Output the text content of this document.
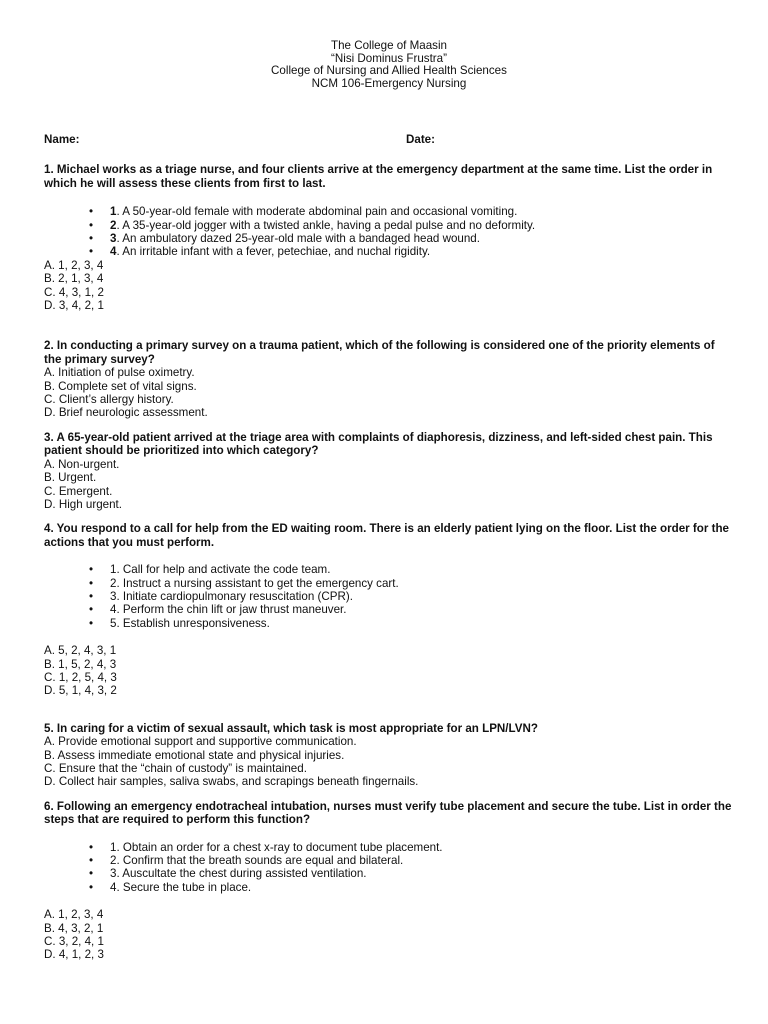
The College of Maasin
“Nisi Dominus Frustra”
College of Nursing and Allied Health Sciences
NCM 106-Emergency Nursing
Name:	Date:

1. Michael works as a triage nurse, and four clients arrive at the emergency department at the same time. List the order in which he will assess these clients from first to last.

• 1. A 50-year-old female with moderate abdominal pain and occasional vomiting.
• 2. A 35-year-old jogger with a twisted ankle, having a pedal pulse and no deformity.
• 3. An ambulatory dazed 25-year-old male with a bandaged head wound.
• 4. An irritable infant with a fever, petechiae, and nuchal rigidity.

A. 1, 2, 3, 4

B. 2, 1, 3, 4

C. 4, 3, 1, 2

D. 3, 4, 2, 1

2. In conducting a primary survey on a trauma patient, which of the following is considered one of the priority elements of the primary survey?

A. Initiation of pulse oximetry.

B. Complete set of vital signs.

C. Client’s allergy history.

D. Brief neurologic assessment.

3. A 65-year-old patient arrived at the triage area with complaints of diaphoresis, dizziness, and left-sided chest pain. This patient should be prioritized into which category?

A. Non-urgent.

B. Urgent.

C. Emergent.

D. High urgent.

4. You respond to a call for help from the ED waiting room. There is an elderly patient lying on the floor. List the order for the actions that you must perform.

• 1. Call for help and activate the code team.
• 2. Instruct a nursing assistant to get the emergency cart.
• 3. Initiate cardiopulmonary resuscitation (CPR).
• 4. Perform the chin lift or jaw thrust maneuver.
• 5. Establish unresponsiveness.

A. 5, 2, 4, 3, 1

B. 1, 5, 2, 4, 3

C. 1, 2, 5, 4, 3

D. 5, 1, 4, 3, 2

5. In caring for a victim of sexual assault, which task is most appropriate for an LPN/LVN?

A. Provide emotional support and supportive communication.

B. Assess immediate emotional state and physical injuries.

C. Ensure that the “chain of custody” is maintained.

D. Collect hair samples, saliva swabs, and scrapings beneath fingernails.

6. Following an emergency endotracheal intubation, nurses must verify tube placement and secure the tube. List in order the steps that are required to perform this function?

• 1. Obtain an order for a chest x-ray to document tube placement.
• 2. Confirm that the breath sounds are equal and bilateral.
• 3. Auscultate the chest during assisted ventilation.
• 4. Secure the tube in place.

A. 1, 2, 3, 4

B. 4, 3, 2, 1

C. 3, 2, 4, 1

D. 4, 1, 2, 3
